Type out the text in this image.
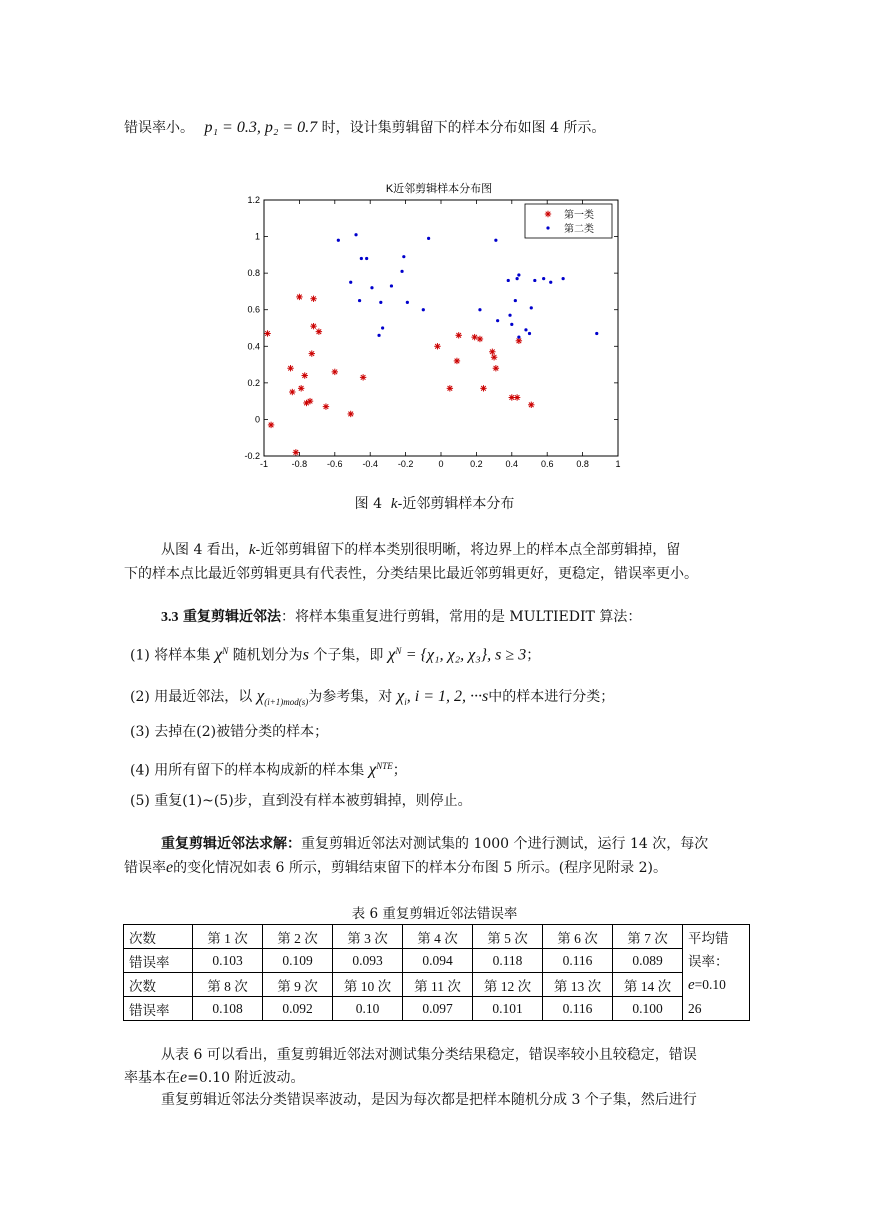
错误率小。 p₁ = 0.3, p₂ = 0.7 时，设计集剪辑留下的样本分布如图 4 所示。
K近邻剪辑样本分布图
-1	-0.8 -0.6 -0.4 -0.2	0	0.2	0.4	0.6	0.8	1
-0.2
0
0.2
0.4
0.6
0.8
1
1.2
第一类
第二类
图 4 k-近邻剪辑样本分布
从图 4 看出，k-近邻剪辑留下的样本类别很明晰，将边界上的样本点全部剪辑掉，留
下的样本点比最近邻剪辑更具有代表性，分类结果比最近邻剪辑更好，更稳定，错误率更小。
3.3 重复剪辑近邻法：将样本集重复进行剪辑，常用的是 MULTIEDIT 算法：
(1) 将样本集 $\chi^N$ 随机划分为s 个子集，即 $\chi^N = \{\chi_1$, χ₂, χ₃}, s ≥ 3；
(2) 用最近邻法，以 $\chi_{(i+1)mod(s)}$为参考集，对 $\chi_i$, i = 1, 2, ···s中的样本进行分类；
(3) 去掉在(2)被错分类的样本；
(4) 用所有留下的样本构成新的样本集 $\chi^{NTE}$；
(5) 重复(1)~(5)步，直到没有样本被剪辑掉，则停止。
重复剪辑近邻法求解：重复剪辑近邻法对测试集的 1000 个进行测试，运行 14 次，每次
错误率e的变化情况如表 6 所示，剪辑结束留下的样本分布图 5 所示。(程序见附录 2)。
表 6 重复剪辑近邻法错误率
次数	第 1 次	第 2 次	第 3 次	第 4 次	第 5 次	第 6 次	第 7 次	平均错
误率：
e=0.10
26
错误率	0.103	0.109	0.093	0.094	0.118	0.116	0.089	
次数	第 8 次	第 9 次	第 10 次	第 11 次	第 12 次	第 13 次	第 14 次	
错误率	0.108	0.092	0.10	0.097	0.101	0.116	0.100	
从表 6 可以看出，重复剪辑近邻法对测试集分类结果稳定，错误率较小且较稳定，错误
率基本在e=0.10 附近波动。
重复剪辑近邻法分类错误率波动，是因为每次都是把样本随机分成 3 个子集，然后进行
